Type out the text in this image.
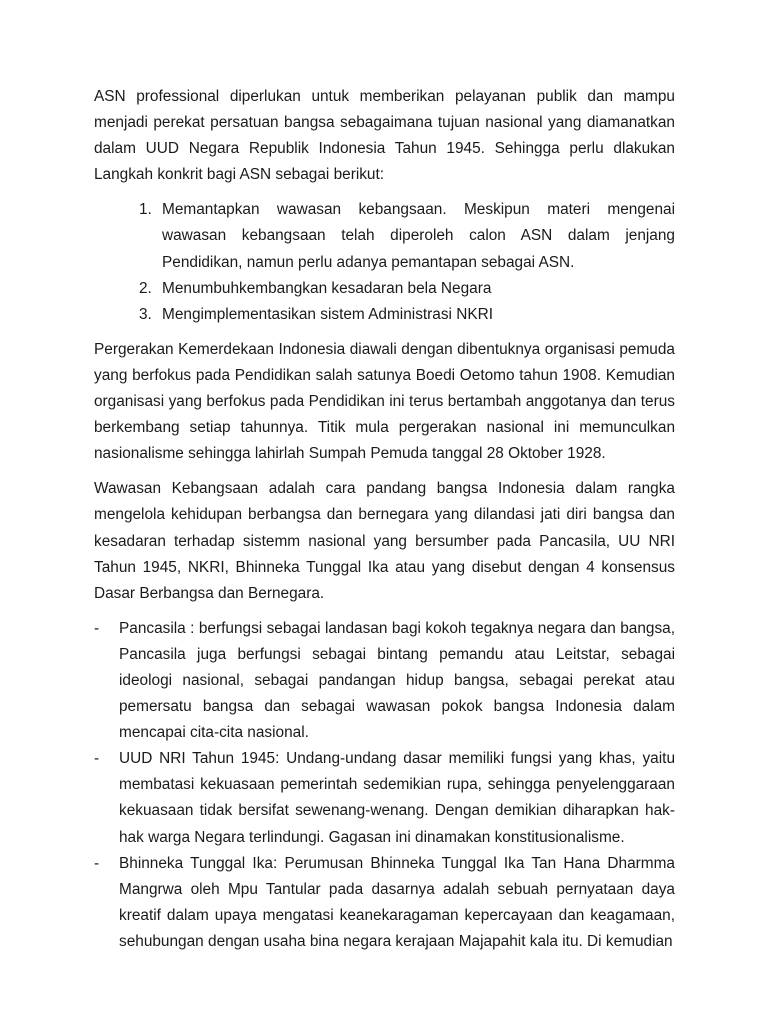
ASN professional diperlukan untuk memberikan pelayanan publik dan mampu menjadi perekat persatuan bangsa sebagaimana tujuan nasional yang diamanatkan dalam UUD Negara Republik Indonesia Tahun 1945. Sehingga perlu dlakukan Langkah konkrit bagi ASN sebagai berikut:

1. Memantapkan wawasan kebangsaan. Meskipun materi mengenai wawasan kebangsaan telah diperoleh calon ASN dalam jenjang Pendidikan, namun perlu adanya pemantapan sebagai ASN.
2. Menumbuhkembangkan kesadaran bela Negara
3. Mengimplementasikan sistem Administrasi NKRI

Pergerakan Kemerdekaan Indonesia diawali dengan dibentuknya organisasi pemuda yang berfokus pada Pendidikan salah satunya Boedi Oetomo tahun 1908. Kemudian organisasi yang berfokus pada Pendidikan ini terus bertambah anggotanya dan terus berkembang setiap tahunnya. Titik mula pergerakan nasional ini memunculkan nasionalisme sehingga lahirlah Sumpah Pemuda tanggal 28 Oktober 1928.

Wawasan Kebangsaan adalah cara pandang bangsa Indonesia dalam rangka mengelola kehidupan berbangsa dan bernegara yang dilandasi jati diri bangsa dan kesadaran terhadap sistemm nasional yang bersumber pada Pancasila, UU NRI Tahun 1945, NKRI, Bhinneka Tunggal Ika atau yang disebut dengan 4 konsensus Dasar Berbangsa dan Bernegara.

- Pancasila : berfungsi sebagai landasan bagi kokoh tegaknya negara dan bangsa, Pancasila juga berfungsi sebagai bintang pemandu atau Leitstar, sebagai ideologi nasional, sebagai pandangan hidup bangsa, sebagai perekat atau pemersatu bangsa dan sebagai wawasan pokok bangsa Indonesia dalam mencapai cita-cita nasional.
- UUD NRI Tahun 1945: Undang-undang dasar memiliki fungsi yang khas, yaitu membatasi kekuasaan pemerintah sedemikian rupa, sehingga penyelenggaraan kekuasaan tidak bersifat sewenang-wenang. Dengan demikian diharapkan hak-hak warga Negara terlindungi. Gagasan ini dinamakan konstitusionalisme.
- Bhinneka Tunggal Ika: Perumusan Bhinneka Tunggal Ika Tan Hana Dharmma Mangrwa oleh Mpu Tantular pada dasarnya adalah sebuah pernyataan daya kreatif dalam upaya mengatasi keanekaragaman kepercayaan dan keagamaan, sehubungan dengan usaha bina negara kerajaan Majapahit kala itu. Di kemudian
